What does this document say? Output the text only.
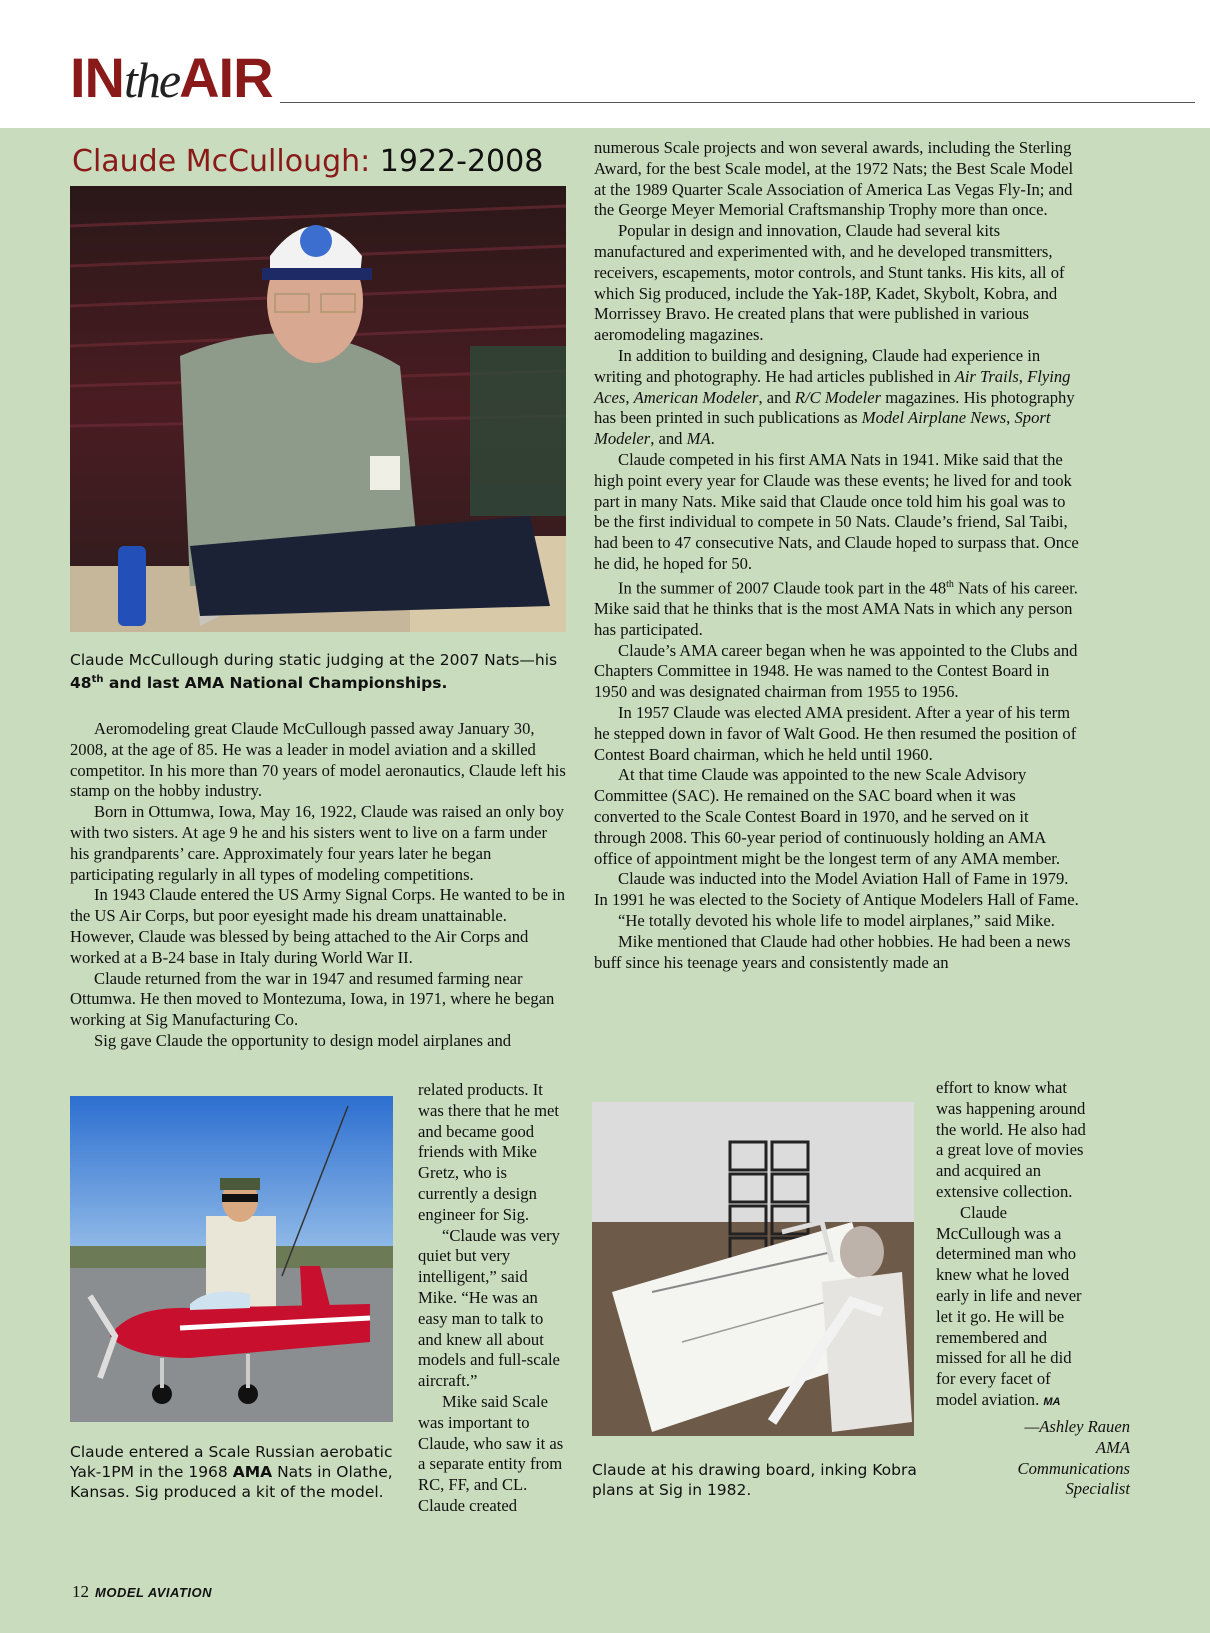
INtheAIR
Claude McCullough: 1922-2008
Claude McCullough during static judging at the 2007 Nats—his 48th and last AMA National Championships.

Aeromodeling great Claude McCullough passed away January 30, 2008, at the age of 85. He was a leader in model aviation and a skilled competitor. In his more than 70 years of model aeronautics, Claude left his stamp on the hobby industry.

Born in Ottumwa, Iowa, May 16, 1922, Claude was raised an only boy with two sisters. At age 9 he and his sisters went to live on a farm under his grandparents’ care. Approximately four years later he began participating regularly in all types of modeling competitions.

In 1943 Claude entered the US Army Signal Corps. He wanted to be in the US Air Corps, but poor eyesight made his dream unattainable. However, Claude was blessed by being attached to the Air Corps and worked at a B-24 base in Italy during World War II.

Claude returned from the war in 1947 and resumed farming near Ottumwa. He then moved to Montezuma, Iowa, in 1971, where he began working at Sig Manufacturing Co.

Sig gave Claude the opportunity to design model airplanes and

Claude entered a Scale Russian aerobatic Yak-1PM in the 1968 AMA Nats in Olathe, Kansas. Sig produced a kit of the model.

related products. It was there that he met and became good friends with Mike Gretz, who is currently a design engineer for Sig.

“Claude was very quiet but very intelligent,” said Mike. “He was an easy man to talk to and knew all about models and full-scale aircraft.”

Mike said Scale was important to Claude, who saw it as a separate entity from RC, FF, and CL. Claude created

numerous Scale projects and won several awards, including the Sterling Award, for the best Scale model, at the 1972 Nats; the Best Scale Model at the 1989 Quarter Scale Association of America Las Vegas Fly-In; and the George Meyer Memorial Craftsmanship Trophy more than once.

Popular in design and innovation, Claude had several kits manufactured and experimented with, and he developed transmitters, receivers, escapements, motor controls, and Stunt tanks. His kits, all of which Sig produced, include the Yak-18P, Kadet, Skybolt, Kobra, and Morrissey Bravo. He created plans that were published in various aeromodeling magazines.

In addition to building and designing, Claude had experience in writing and photography. He had articles published in Air Trails, Flying Aces, American Modeler, and R/C Modeler magazines. His photography has been printed in such publications as Model Airplane News, Sport Modeler, and MA.

Claude competed in his first AMA Nats in 1941. Mike said that the high point every year for Claude was these events; he lived for and took part in many Nats. Mike said that Claude once told him his goal was to be the first individual to compete in 50 Nats. Claude’s friend, Sal Taibi, had been to 47 consecutive Nats, and Claude hoped to surpass that. Once he did, he hoped for 50.

In the summer of 2007 Claude took part in the 48th Nats of his career. Mike said that he thinks that is the most AMA Nats in which any person has participated.

Claude’s AMA career began when he was appointed to the Clubs and Chapters Committee in 1948. He was named to the Contest Board in 1950 and was designated chairman from 1955 to 1956.

In 1957 Claude was elected AMA president. After a year of his term he stepped down in favor of Walt Good. He then resumed the position of Contest Board chairman, which he held until 1960.

At that time Claude was appointed to the new Scale Advisory Committee (SAC). He remained on the SAC board when it was converted to the Scale Contest Board in 1970, and he served on it through 2008. This 60-year period of continuously holding an AMA office of appointment might be the longest term of any AMA member.

Claude was inducted into the Model Aviation Hall of Fame in 1979. In 1991 he was elected to the Society of Antique Modelers Hall of Fame.

“He totally devoted his whole life to model airplanes,” said Mike.

Mike mentioned that Claude had other hobbies. He had been a news buff since his teenage years and consistently made an

Claude at his drawing board, inking Kobra plans at Sig in 1982.

effort to know what was happening around the world. He also had a great love of movies and acquired an extensive collection.

Claude McCullough was a determined man who knew what he loved early in life and never let it go. He will be remembered and missed for all he did for every facet of model aviation. MA

—Ashley Rauen
AMA Communications Specialist
12 MODEL AVIATION
